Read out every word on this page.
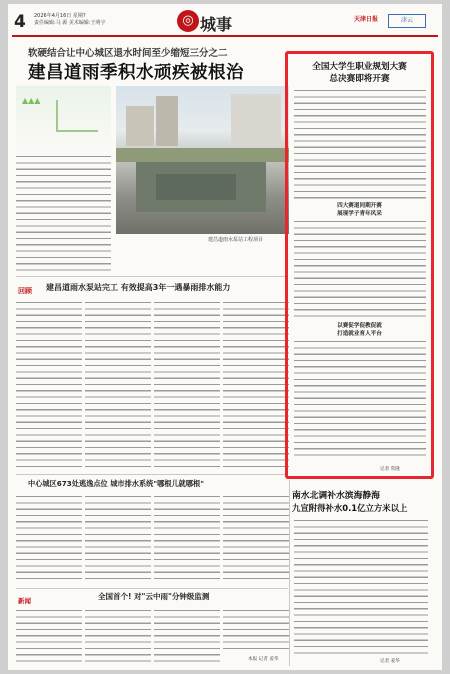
4 2026年4月16日 星期?
责任编辑:马 源 美术编辑:王明宇	◎ 城事	天津日报	津云
软硬结合让中心城区退水时间至少缩短三分之二
建昌道雨季积水顽疾被根治
▲▲▲
建昌道雨水泵站工程项目
回顾 建昌道雨水泵站完工 有效提高3年一遇暴雨排水能力
中心城区673处逃逸点位 城市排水系统"哪根儿就哪根"
新闻	全国首个! 对"云中雨"分钟级监测
本报 记者 姜华
全国大学生职业规划大赛
总决赛即将开赛
四大赛道同期开赛
展现学子青年风采
以赛促学促教促就
打造就业育人平台
记者 常隆
南水北调补水滨海静海
九宣附得补水0.1亿立方米以上
记者 姜华
